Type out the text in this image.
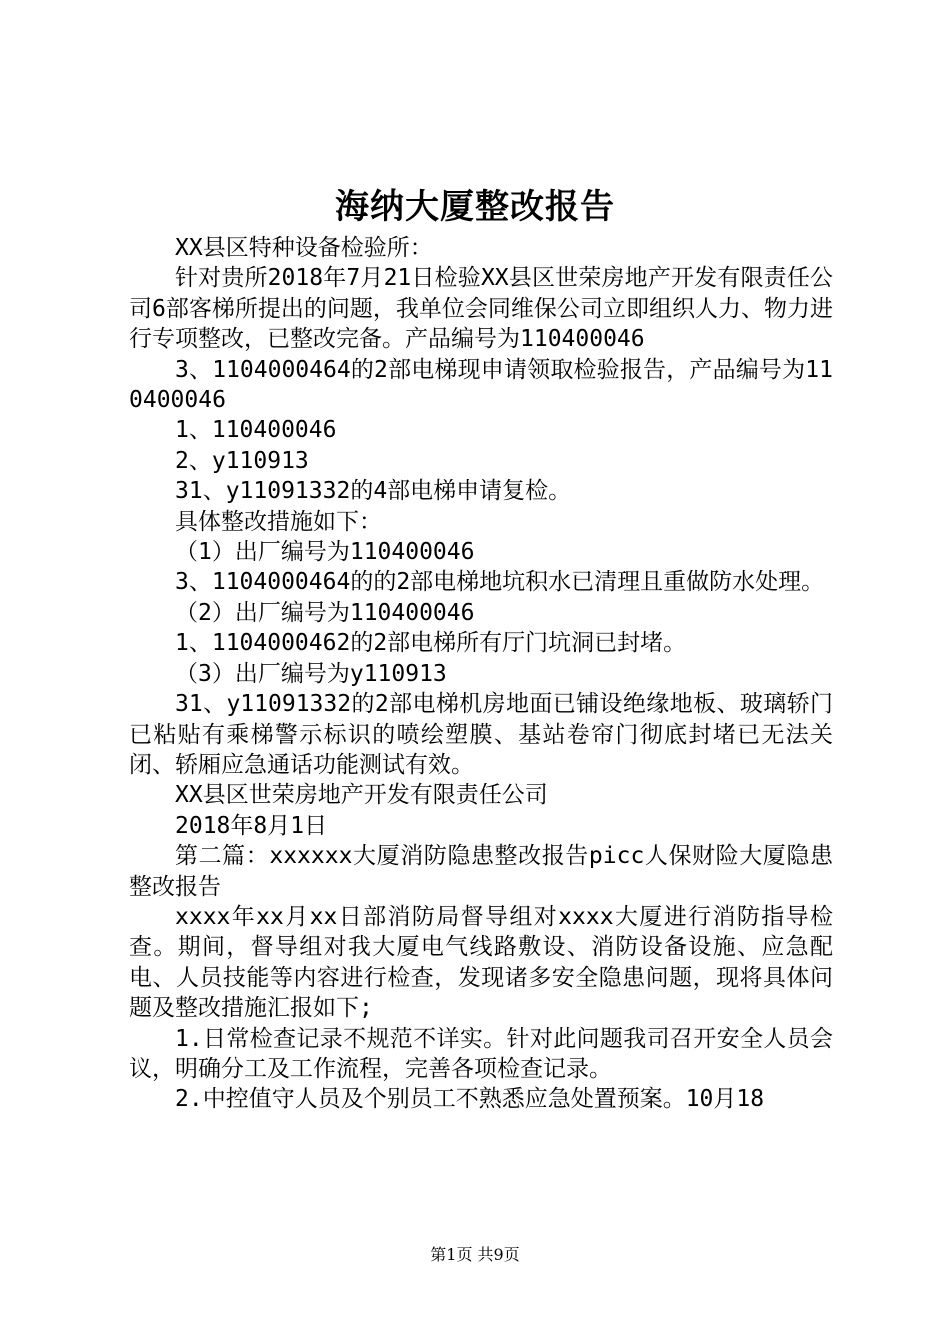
海纳大厦整改报告

XX县区特种设备检验所：

针对贵所2018年7月21日检验XX县区世荣房地产开发有限责任公司6部客梯所提出的问题，我单位会同维保公司立即组织人力、物力进行专项整改，已整改完备。产品编号为110400046

3、1104000464的2部电梯现申请领取检验报告，产品编号为110400046

1、110400046

2、y110913

31、y11091332的4部电梯申请复检。

具体整改措施如下：

（1）出厂编号为110400046

3、1104000464的的2部电梯地坑积水已清理且重做防水处理。

（2）出厂编号为110400046

1、1104000462的2部电梯所有厅门坑洞已封堵。

（3）出厂编号为y110913

31、y11091332的2部电梯机房地面已铺设绝缘地板、玻璃轿门已粘贴有乘梯警示标识的喷绘塑膜、基站卷帘门彻底封堵已无法关闭、轿厢应急通话功能测试有效。

XX县区世荣房地产开发有限责任公司

2018年8月1日

第二篇：xxxxxx大厦消防隐患整改报告picc人保财险大厦隐患整改报告

xxxx年xx月xx日部消防局督导组对xxxx大厦进行消防指导检查。期间，督导组对我大厦电气线路敷设、消防设备设施、应急配电、人员技能等内容进行检查，发现诸多安全隐患问题，现将具体问题及整改措施汇报如下;

1.日常检查记录不规范不详实。针对此问题我司召开安全人员会议，明确分工及工作流程，完善各项检查记录。

2.中控值守人员及个别员工不熟悉应急处置预案。10月18

第1页 共9页
